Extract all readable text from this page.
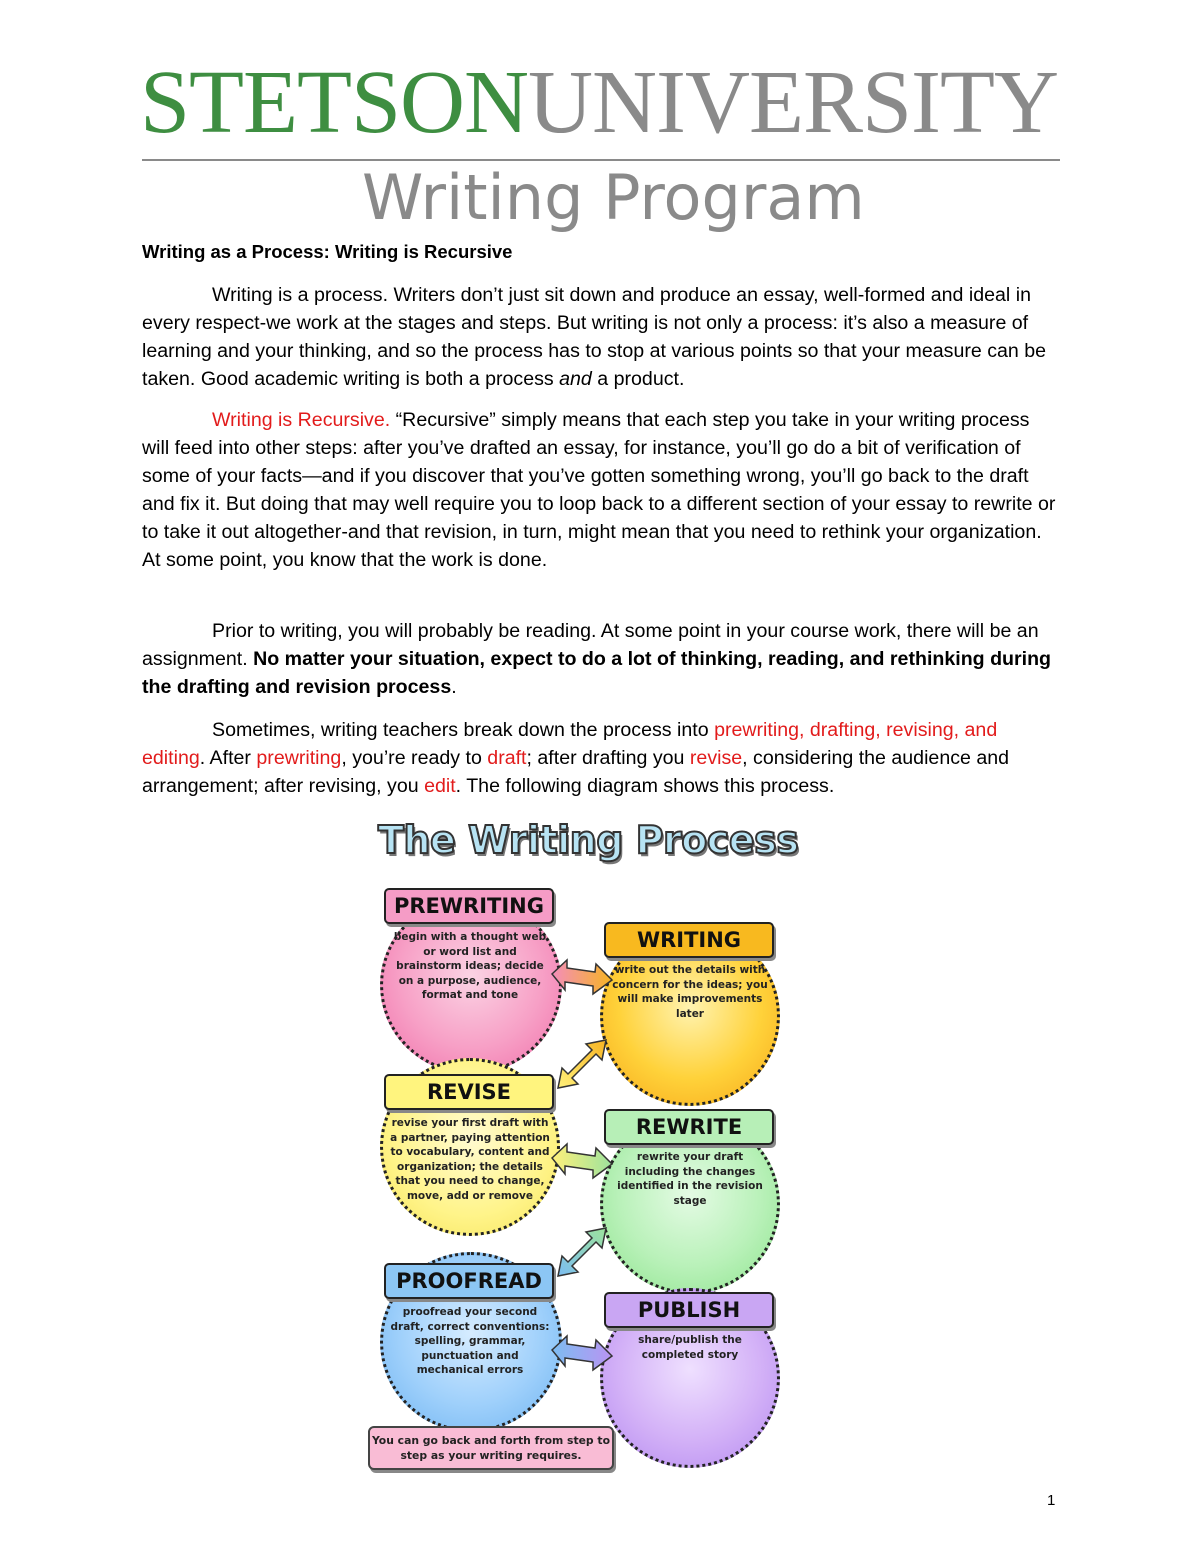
STETSONUNIVERSITY
Writing Program
Writing as a Process: Writing is Recursive

Writing is a process. Writers don’t just sit down and produce an essay, well-formed and ideal in every respect-we work at the stages and steps. But writing is not only a process: it’s also a measure of learning and your thinking, and so the process has to stop at various points so that your measure can be taken. Good academic writing is both a process and a product.

Writing is Recursive. “Recursive” simply means that each step you take in your writing process will feed into other steps: after you’ve drafted an essay, for instance, you’ll go do a bit of verification of some of your facts—and if you discover that you’ve gotten something wrong, you’ll go back to the draft and fix it. But doing that may well require you to loop back to a different section of your essay to rewrite or to take it out altogether-and that revision, in turn, might mean that you need to rethink your organization. At some point, you know that the work is done.

Prior to writing, you will probably be reading. At some point in your course work, there will be an assignment. No matter your situation, expect to do a lot of thinking, reading, and rethinking during the drafting and revision process.

Sometimes, writing teachers break down the process into prewriting, drafting, revising, and editing. After prewriting, you’re ready to draft; after drafting you revise, considering the audience and arrangement; after revising, you edit. The following diagram shows this process.

The Writing Process
PREWRITING
WRITING
REVISE
REWRITE
PROOFREAD
PUBLISH
begin with a thought web or word list and brainstorm ideas; decide on a purpose, audience, format and tone
write out the details with concern for the ideas; you will make improvements later
revise your first draft with a partner, paying attention to vocabulary, content and organization; the details that you need to change, move, add or remove
rewrite your draft including the changes identified in the revision stage
proofread your second draft, correct conventions: spelling, grammar, punctuation and mechanical errors
share/publish the completed story
You can go back and forth from step to step as your writing requires.
1
